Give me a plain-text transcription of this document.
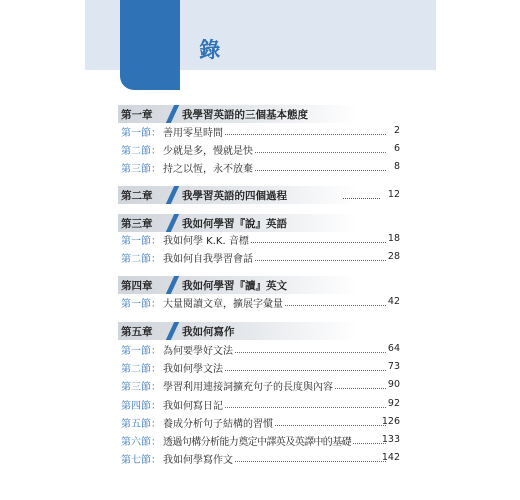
目 錄
第一章	我學習英語的三個基本態度
第一節： 善用零星時間	2
第二節： 少就是多，慢就是快	6
第三節： 持之以恆，永不放棄	8
第二章	我學習英語的四個過程	12
第三章	我如何學習『說』英語
第一節： 我如何學 K.K. 音標	18
第二節： 我如何自我學習會話	28
第四章	我如何學習『讀』英文
第一節： 大量閱讀文章，擴展字彙量	42
第五章	我如何寫作
第一節： 為何要學好文法	64
第二節： 我如何學文法	73
第三節： 學習利用連接詞擴充句子的長度與內容	90
第四節： 我如何寫日記	92
第五節： 養成分析句子結構的習慣	126
第六節： 透過句構分析能力奠定中譯英及英譯中的基礎	133
第七節： 我如何學寫作文	142
